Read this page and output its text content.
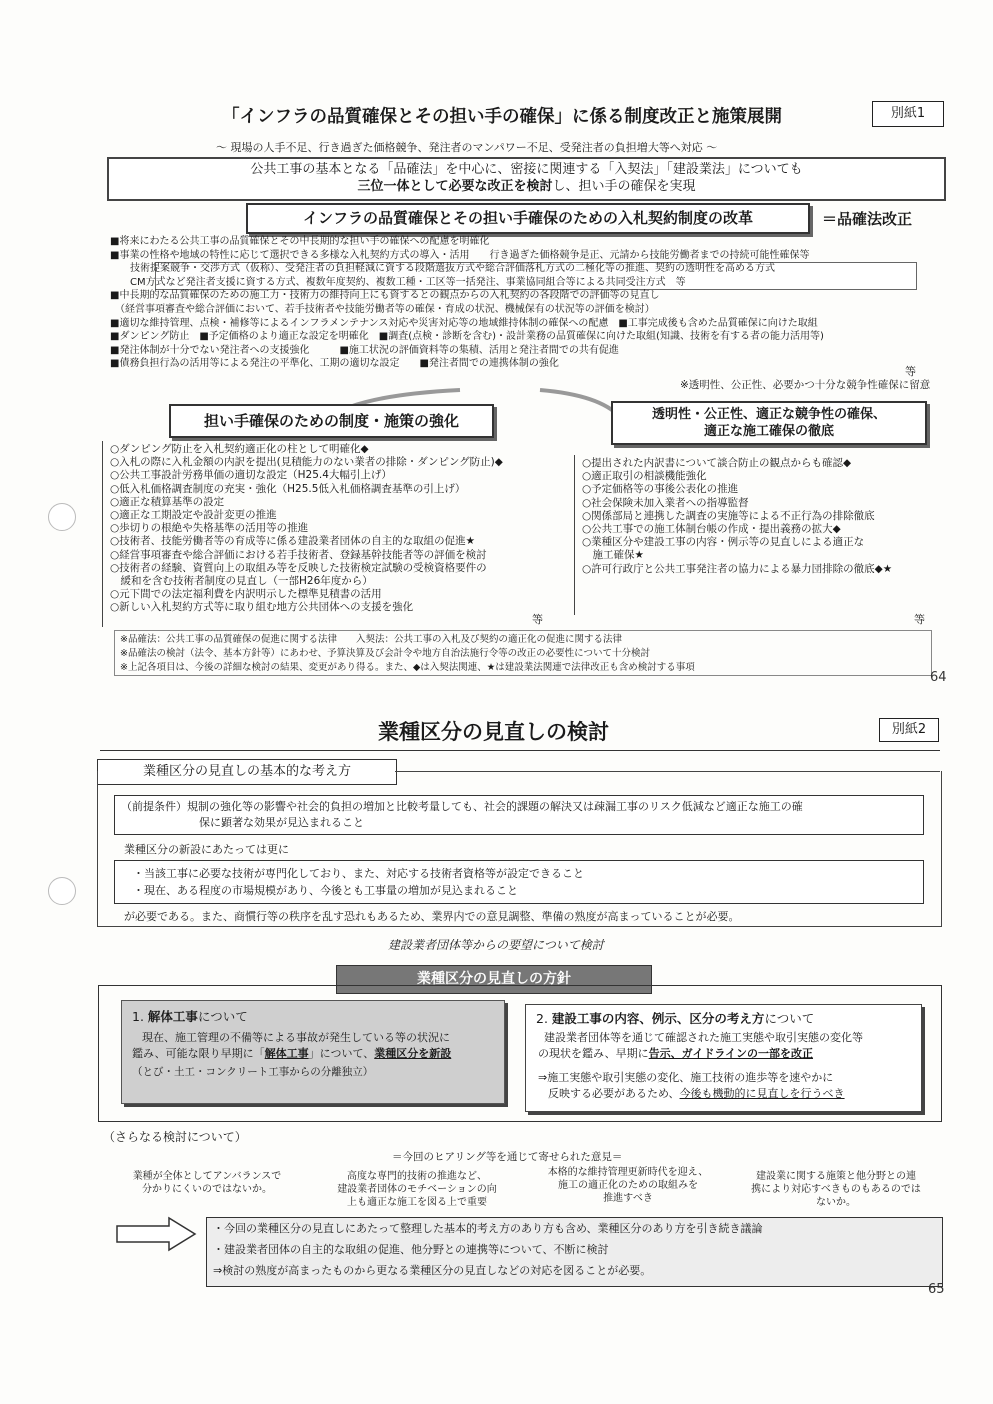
「インフラの品質確保とその担い手の確保」に係る制度改正と施策展開	別紙1
～ 現場の人手不足、行き過ぎた価格競争、発注者のマンパワー不足、受発注者の負担増大等へ対応 ～
公共工事の基本となる「品確法」を中心に、密接に関連する「入契法」「建設業法」についても
三位一体として必要な改正を検討し、担い手の確保を実現
インフラの品質確保とその担い手確保のための入札契約制度の改革	＝品確法改正
■将来にわたる公共工事の品質確保とその中長期的な担い手の確保への配慮を明確化
■事業の性格や地域の特性に応じて選択できる多様な入札契約方式の導入・活用　　行き過ぎた価格競争是正、元請から技能労働者までの持続可能性確保等
　　技術提案競争・交渉方式（仮称）、受発注者の負担軽減に資する段階選抜方式や総合評価落札方式の二極化等の推進、契約の透明性を高める方式
　　CM方式など発注者支援に資する方式、複数年度契約、複数工種・工区等一括発注、事業協同組合等による共同受注方式　等
■中長期的な品質確保のための施工力・技術力の維持向上にも資するとの観点からの入札契約の各段階での評価等の見直し
　（経営事項審査や総合評価において、若手技術者や技能労働者等の確保・育成の状況、機械保有の状況等の評価を検討）
■適切な維持管理、点検・補修等によるインフラメンテナンス対応や災害対応等の地域維持体制の確保への配慮　■工事完成後も含めた品質確保に向けた取組
■ダンピング防止　■予定価格のより適正な設定を明確化　■調査(点検・診断を含む)・設計業務の品質確保に向けた取組(知識、技術を有する者の能力活用等)
■発注体制が十分でない発注者への支援強化　　　■施工状況の評価資料等の集積、活用と発注者間での共有促進
■債務負担行為の活用等による発注の平準化、工期の適切な設定　　■発注者間での連携体制の強化
等
※透明性、公正性、必要かつ十分な競争性確保に留意
担い手確保のための制度・施策の強化	透明性・公正性、適正な競争性の確保、
適正な施工確保の徹底
○ダンピング防止を入札契約適正化の柱として明確化◆
○入札の際に入札金額の内訳を提出(見積能力のない業者の排除・ダンピング防止)◆
○公共工事設計労務単価の適切な設定（H25.4大幅引上げ）
○低入札価格調査制度の充実・強化（H25.5低入札価格調査基準の引上げ）
○適正な積算基準の設定
○適正な工期設定や設計変更の推進
○歩切りの根絶や失格基準の活用等の推進
○技術者、技能労働者等の育成等に係る建設業者団体の自主的な取組の促進★
○経営事項審査や総合評価における若手技術者、登録基幹技能者等の評価を検討
○技術者の経験、資質向上の取組み等を反映した技術検定試験の受検資格要件の
　緩和を含む技術者制度の見直し（一部H26年度から）
○元下間での法定福利費を内訳明示した標準見積書の活用
○新しい入札契約方式等に取り組む地方公共団体への支援を強化
等
○提出された内訳書について談合防止の観点からも確認◆
○適正取引の相談機能強化
○予定価格等の事後公表化の推進
○社会保険未加入業者への指導監督
○関係部局と連携した調査の実施等による不正行為の排除徹底
○公共工事での施工体制台帳の作成・提出義務の拡大◆
○業種区分や建設工事の内容・例示等の見直しによる適正な
　施工確保★
○許可行政庁と公共工事発注者の協力による暴力団排除の徹底◆★
等
※品確法：公共工事の品質確保の促進に関する法律　　入契法：公共工事の入札及び契約の適正化の促進に関する法律
※品確法の検討（法令、基本方針等）にあわせ、予算決算及び会計令や地方自治法施行令等の改正の必要性について十分検討
※上記各項目は、今後の詳細な検討の結果、変更があり得る。また、◆は入契法関連、★は建設業法関連で法律改正も含め検討する事項
64
業種区分の見直しの検討	別紙2
業種区分の見直しの基本的な考え方
（前提条件）規制の強化等の影響や社会的負担の増加と比較考量しても、社会的課題の解決又は疎漏工事のリスク低減など適正な施工の確
保に顕著な効果が見込まれること
業種区分の新設にあたっては更に
・当該工事に必要な技術が専門化しており、また、対応する技術者資格等が設定できること
・現在、ある程度の市場規模があり、今後とも工事量の増加が見込まれること
が必要である。また、商慣行等の秩序を乱す恐れもあるため、業界内での意見調整、準備の熟度が高まっていることが必要。
建設業者団体等からの要望について検討
業種区分の見直しの方針
1. 解体工事について
現在、施工管理の不備等による事故が発生している等の状況に
鑑み、可能な限り早期に「解体工事」について、業種区分を新設
（とび・土工・コンクリート工事からの分離独立）
2. 建設工事の内容、例示、区分の考え方について
建設業者団体等を通じて確認された施工実態や取引実態の変化等
の現状を鑑み、早期に告示、ガイドラインの一部を改正
⇒施工実態や取引実態の変化、施工技術の進歩等を速やかに
反映する必要があるため、今後も機動的に見直しを行うべき
（さらなる検討について）
＝今回のヒアリング等を通じて寄せられた意見＝
業種が全体としてアンバランスで
分かりにくいのではないか。
高度な専門的技術の推進など、
建設業者団体のモチベーションの向
上も適正な施工を図る上で重要
本格的な維持管理更新時代を迎え、
施工の適正化のための取組みを
推進すべき
建設業に関する施策と他分野との連
携により対応すべきものもあるのでは
ないか。
・今回の業種区分の見直しにあたって整理した基本的考え方のあり方も含め、業種区分のあり方を引き続き議論
・建設業者団体の自主的な取組の促進、他分野との連携等について、不断に検討
⇒検討の熟度が高まったものから更なる業種区分の見直しなどの対応を図ることが必要。
65
